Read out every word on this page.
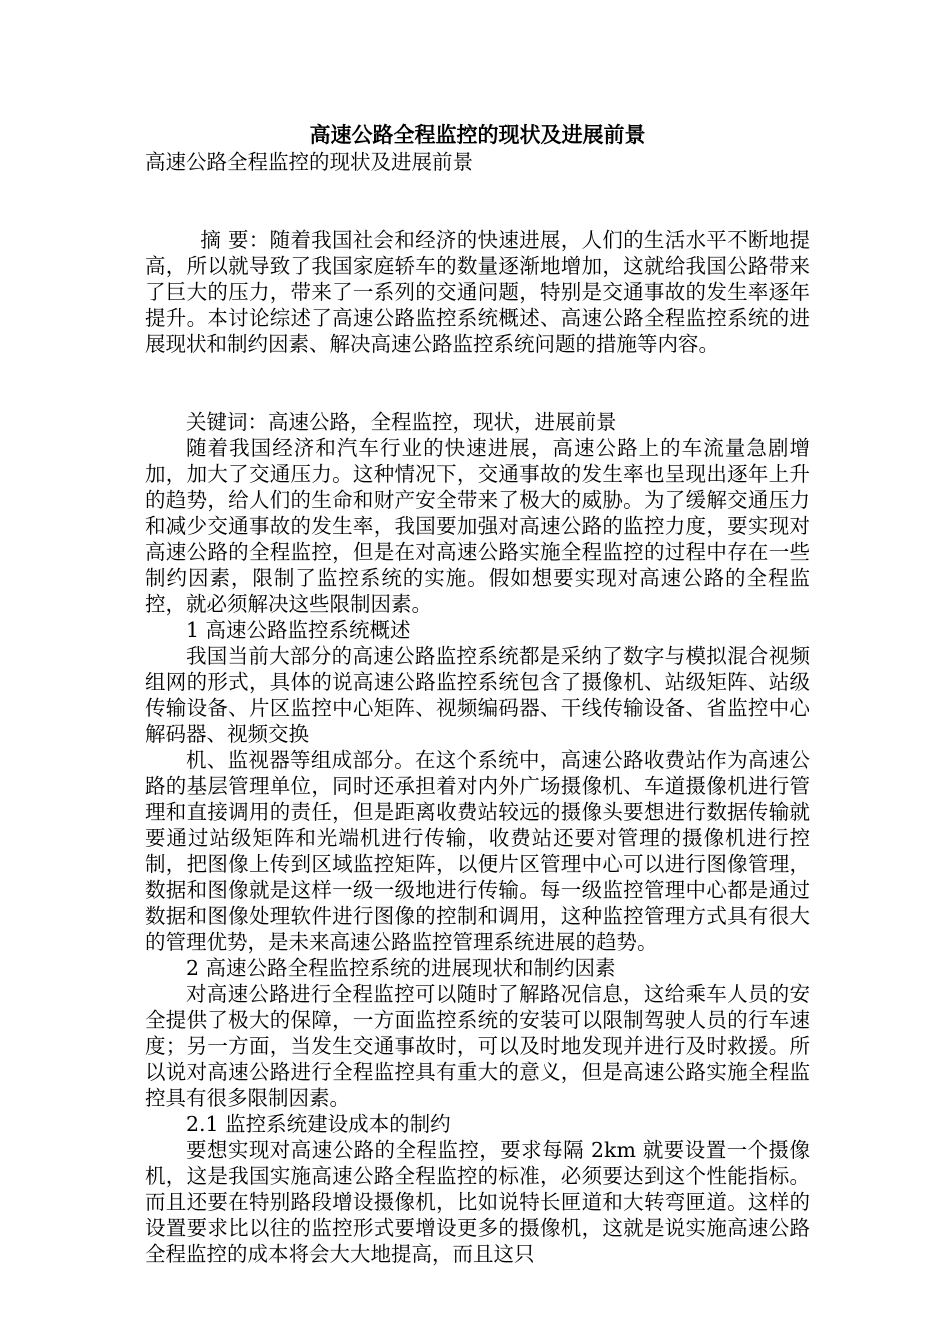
高速公路全程监控的现状及进展前景

高速公路全程监控的现状及进展前景

摘 要：随着我国社会和经济的快速进展，人们的生活水平不断地提高，所以就导致了我国家庭轿车的数量逐渐地增加，这就给我国公路带来了巨大的压力，带来了一系列的交通问题，特别是交通事故的发生率逐年提升。本讨论综述了高速公路监控系统概述、高速公路全程监控系统的进展现状和制约因素、解决高速公路监控系统问题的措施等内容。

关键词：高速公路，全程监控，现状，进展前景

随着我国经济和汽车行业的快速进展，高速公路上的车流量急剧增加，加大了交通压力。这种情况下，交通事故的发生率也呈现出逐年上升的趋势，给人们的生命和财产安全带来了极大的威胁。为了缓解交通压力和减少交通事故的发生率，我国要加强对高速公路的监控力度，要实现对高速公路的全程监控，但是在对高速公路实施全程监控的过程中存在一些制约因素，限制了监控系统的实施。假如想要实现对高速公路的全程监控，就必须解决这些限制因素。

1 高速公路监控系统概述

我国当前大部分的高速公路监控系统都是采纳了数字与模拟混合视频组网的形式，具体的说高速公路监控系统包含了摄像机、站级矩阵、站级传输设备、片区监控中心矩阵、视频编码器、干线传输设备、省监控中心解码器、视频交换

机、监视器等组成部分。在这个系统中，高速公路收费站作为高速公路的基层管理单位，同时还承担着对内外广场摄像机、车道摄像机进行管理和直接调用的责任，但是距离收费站较远的摄像头要想进行数据传输就要通过站级矩阵和光端机进行传输，收费站还要对管理的摄像机进行控制，把图像上传到区域监控矩阵，以便片区管理中心可以进行图像管理，数据和图像就是这样一级一级地进行传输。每一级监控管理中心都是通过数据和图像处理软件进行图像的控制和调用，这种监控管理方式具有很大的管理优势，是未来高速公路监控管理系统进展的趋势。

2 高速公路全程监控系统的进展现状和制约因素

对高速公路进行全程监控可以随时了解路况信息，这给乘车人员的安全提供了极大的保障，一方面监控系统的安装可以限制驾驶人员的行车速度；另一方面，当发生交通事故时，可以及时地发现并进行及时救援。所以说对高速公路进行全程监控具有重大的意义，但是高速公路实施全程监控具有很多限制因素。

2.1 监控系统建设成本的制约

要想实现对高速公路的全程监控，要求每隔 2km 就要设置一个摄像机，这是我国实施高速公路全程监控的标准，必须要达到这个性能指标。而且还要在特别路段增设摄像机，比如说特长匣道和大转弯匣道。这样的设置要求比以往的监控形式要增设更多的摄像机，这就是说实施高速公路全程监控的成本将会大大地提高，而且这只
